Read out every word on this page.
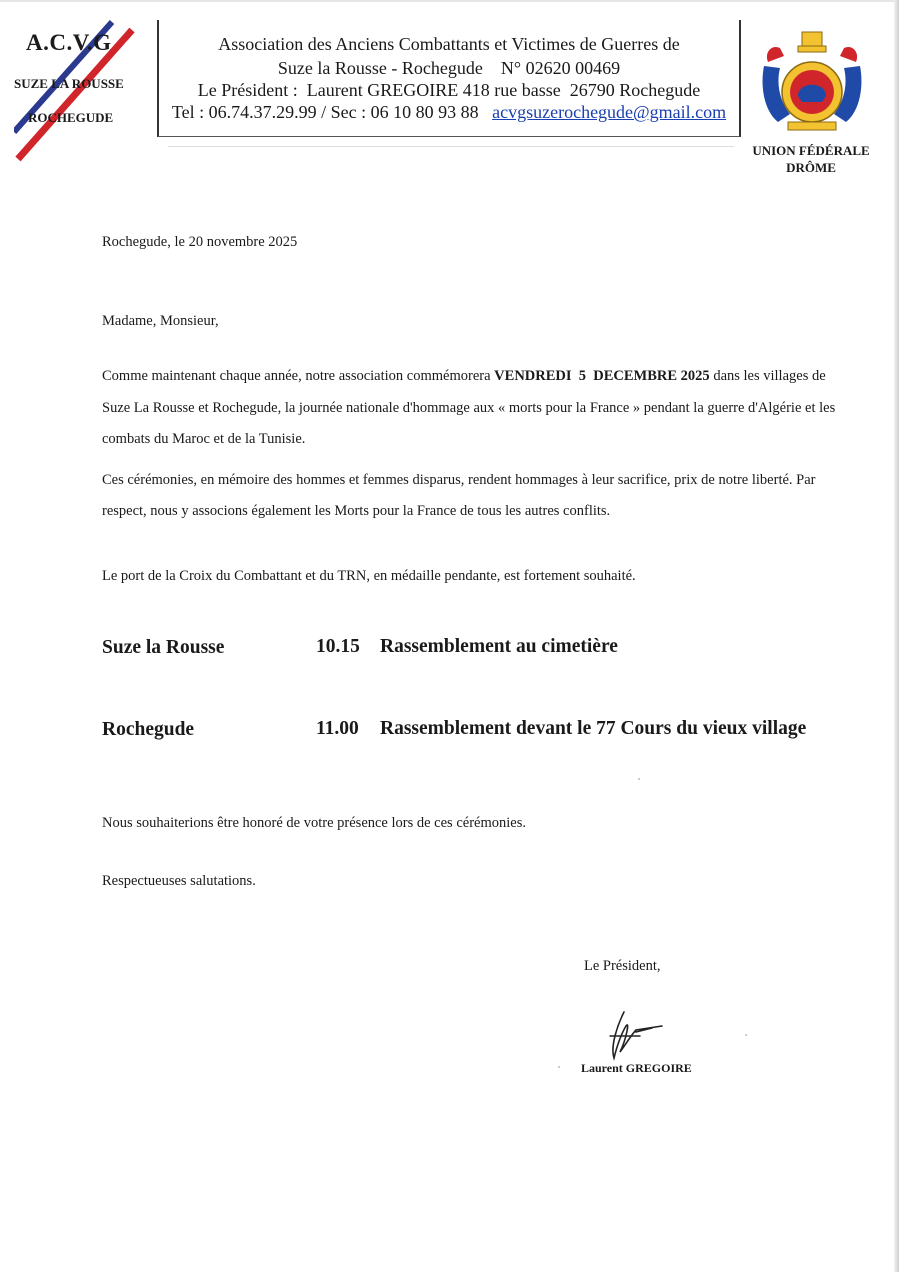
A.C.V.G
SUZE LA ROUSSE
ROCHEGUDE
Association des Anciens Combattants et Victimes de Guerres de
Suze la Rousse - Rochegude    N° 02620 00469
Le Président :  Laurent GREGOIRE 418 rue basse  26790 Rochegude
Tel : 06.74.37.29.99 / Sec : 06 10 80 93 88 acvgsuzerochegude@gmail.com
UNION FÉDÉRALE
DRÔME
Rochegude, le 20 novembre 2025
Madame, Monsieur,
Comme maintenant chaque année, notre association commémorera VENDREDI  5  DECEMBRE 2025 dans les villages de Suze La Rousse et Rochegude, la journée nationale d'hommage aux « morts pour la France » pendant la guerre d'Algérie et les combats du Maroc et de la Tunisie.
Ces cérémonies, en mémoire des hommes et femmes disparus, rendent hommages à leur sacrifice, prix de notre liberté. Par respect, nous y associons également les Morts pour la France de tous les autres conflits.
Le port de la Croix du Combattant et du TRN, en médaille pendante, est fortement souhaité.
Suze la Rousse	10.15 Rassemblement au cimetière
Rochegude	11.00 Rassemblement devant le 77 Cours du vieux village
Nous souhaiterions être honoré de votre présence lors de ces cérémonies.
Respectueuses salutations.
Le Président,
Laurent GREGOIRE
